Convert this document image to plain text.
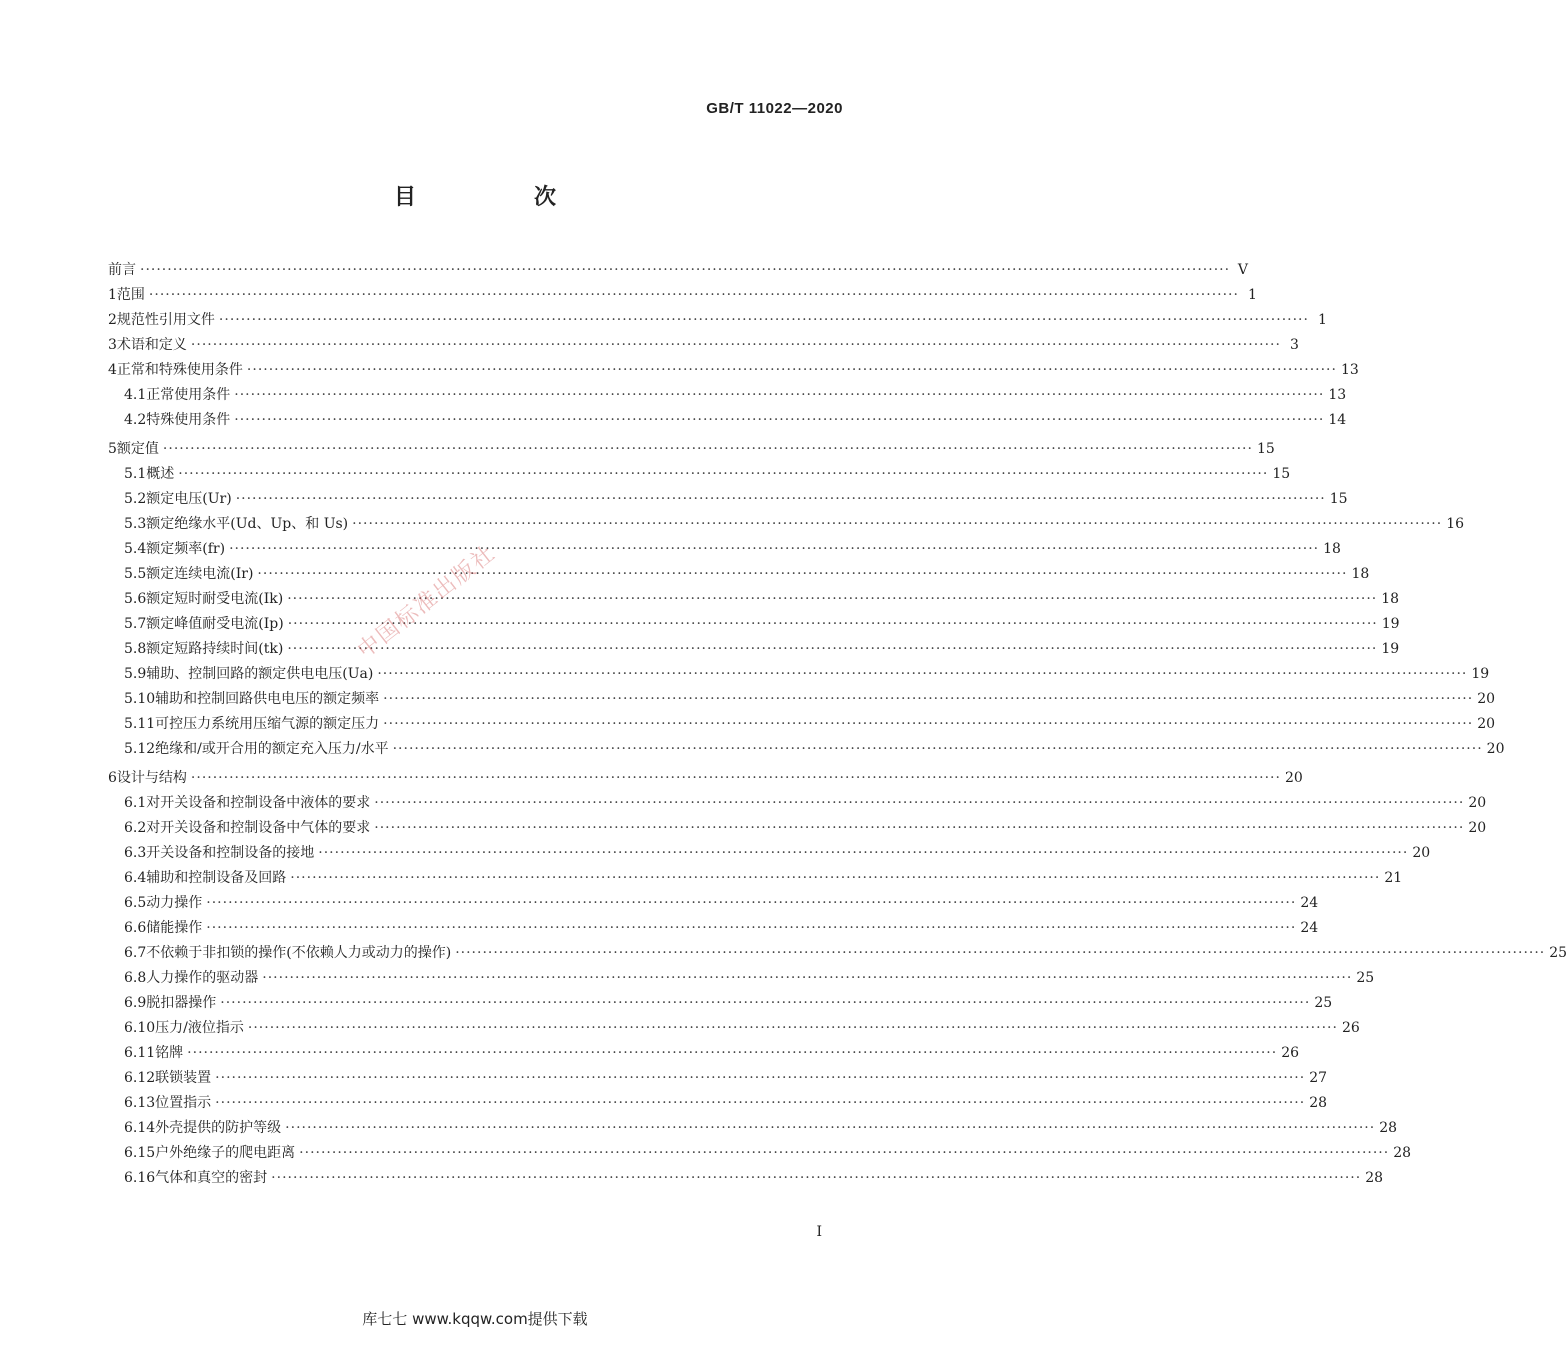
GB/T 11022—2020
目　次
前言 ········································································································································································································ V
1 范围 ········································································································································································································ 1
2 规范性引用文件 ········································································································································································································ 1
3 术语和定义 ········································································································································································································ 3
4 正常和特殊使用条件 ········································································································································································································ 13
4.1 正常使用条件 ········································································································································································································ 13
4.2 特殊使用条件 ········································································································································································································ 14
5 额定值 ········································································································································································································ 15
5.1 概述 ········································································································································································································ 15
5.2 额定电压(Ur) ········································································································································································································ 15
5.3 额定绝缘水平(Ud、Up、和 Us) ········································································································································································································ 16
5.4 额定频率(fr) ········································································································································································································ 18
5.5 额定连续电流(Ir) ········································································································································································································ 18
5.6 额定短时耐受电流(Ik) ········································································································································································································ 18
5.7 额定峰值耐受电流(Ip) ········································································································································································································ 19
5.8 额定短路持续时间(tk) ········································································································································································································ 19
5.9 辅助、控制回路的额定供电电压(Ua) ········································································································································································································ 19
5.10 辅助和控制回路供电电压的额定频率 ········································································································································································································ 20
5.11 可控压力系统用压缩气源的额定压力 ········································································································································································································ 20
5.12 绝缘和/或开合用的额定充入压力/水平 ········································································································································································································ 20
6 设计与结构 ········································································································································································································ 20
6.1 对开关设备和控制设备中液体的要求 ········································································································································································································ 20
6.2 对开关设备和控制设备中气体的要求 ········································································································································································································ 20
6.3 开关设备和控制设备的接地 ········································································································································································································ 20
6.4 辅助和控制设备及回路 ········································································································································································································ 21
6.5 动力操作 ········································································································································································································ 24
6.6 储能操作 ········································································································································································································ 24
6.7 不依赖于非扣锁的操作(不依赖人力或动力的操作) ········································································································································································································ 25
6.8 人力操作的驱动器 ········································································································································································································ 25
6.9 脱扣器操作 ········································································································································································································ 25
6.10 压力/液位指示 ········································································································································································································ 26
6.11 铭牌 ········································································································································································································ 26
6.12 联锁装置 ········································································································································································································ 27
6.13 位置指示 ········································································································································································································ 28
6.14 外壳提供的防护等级 ········································································································································································································ 28
6.15 户外绝缘子的爬电距离 ········································································································································································································ 28
6.16 气体和真空的密封 ········································································································································································································ 28
中国标准出版社
I
库七七 www.kqqw.com提供下载
